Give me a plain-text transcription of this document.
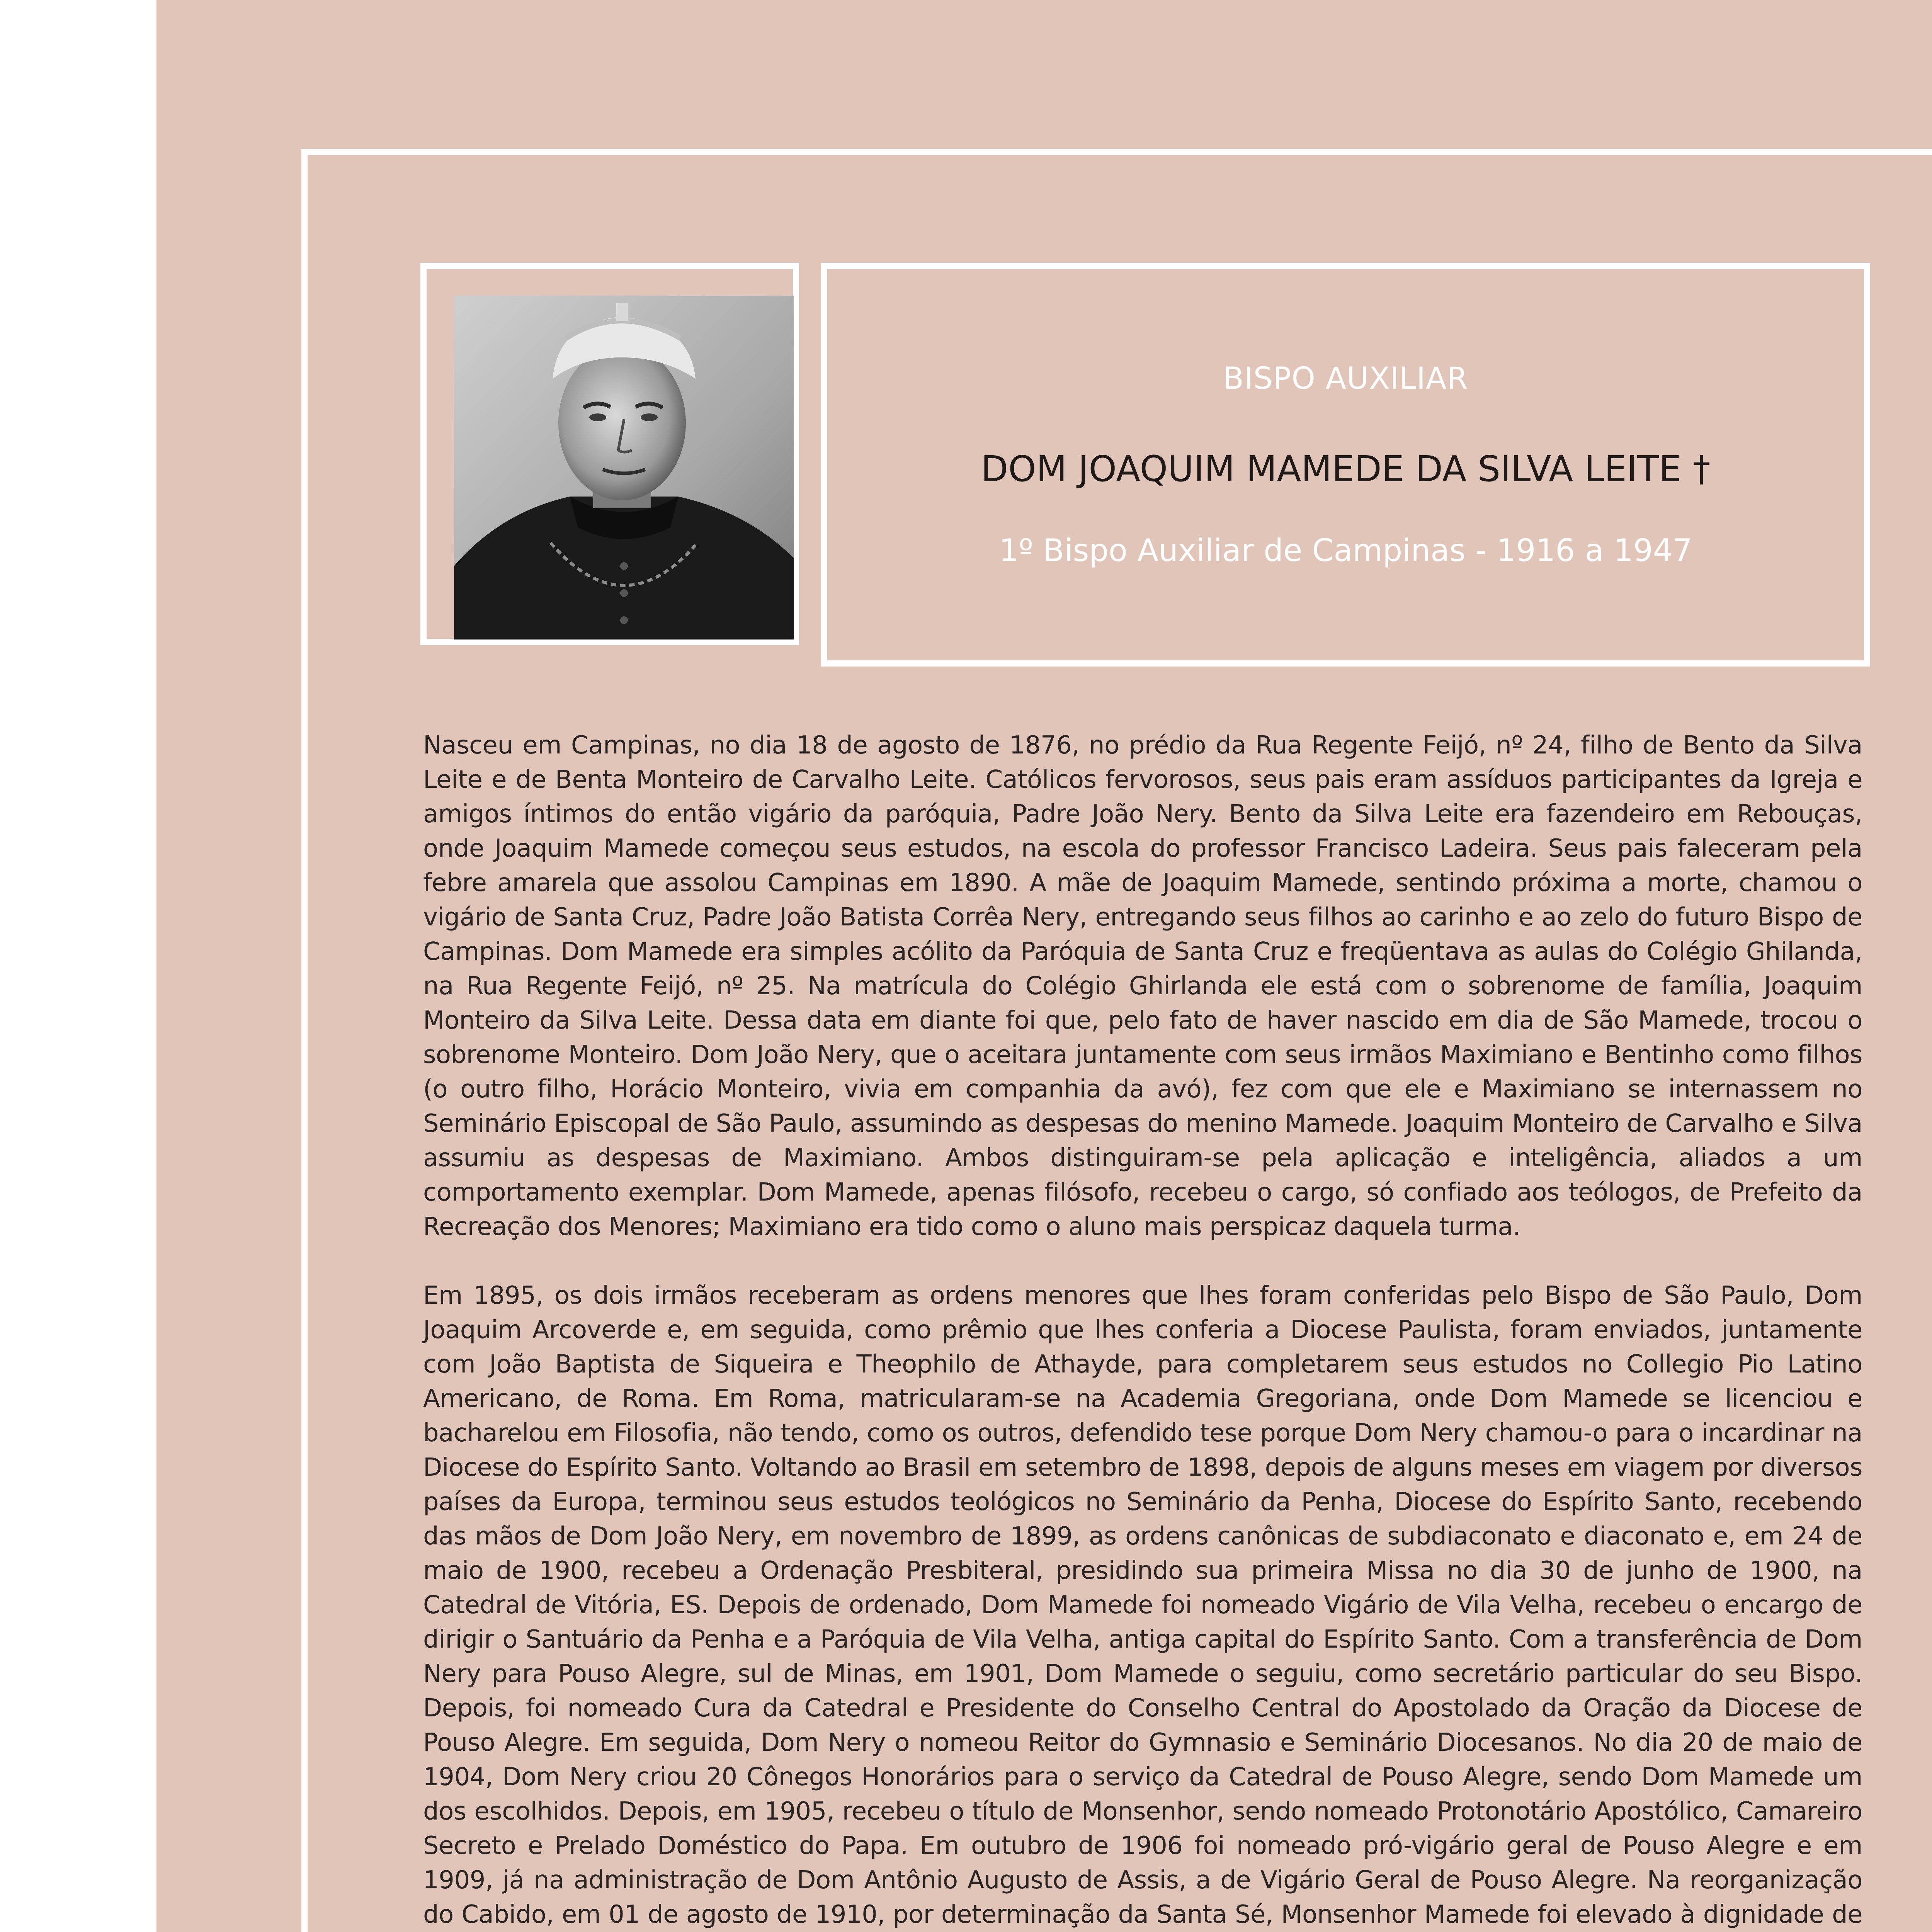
BISPO AUXILIAR
DOM JOAQUIM MAMEDE DA SILVA LEITE †
1º Bispo Auxiliar de Campinas - 1916 a 1947

Nasceu em Campinas, no dia 18 de agosto de 1876, no prédio da Rua Regente Feijó, nº 24, filho de Bento da Silva Leite e de Benta Monteiro de Carvalho Leite. Católicos fervorosos, seus pais eram assíduos participantes da Igreja e amigos íntimos do então vigário da paróquia, Padre João Nery. Bento da Silva Leite era fazendeiro em Rebouças, onde Joaquim Mamede começou seus estudos, na escola do professor Francisco Ladeira. Seus pais faleceram pela febre amarela que assolou Campinas em 1890. A mãe de Joaquim Mamede, sentindo próxima a morte, chamou o vigário de Santa Cruz, Padre João Batista Corrêa Nery, entregando seus filhos ao carinho e ao zelo do futuro Bispo de Campinas. Dom Mamede era simples acólito da Paróquia de Santa Cruz e freqüentava as aulas do Colégio Ghilanda, na Rua Regente Feijó, nº 25. Na matrícula do Colégio Ghirlanda ele está com o sobrenome de família, Joaquim Monteiro da Silva Leite. Dessa data em diante foi que, pelo fato de haver nascido em dia de São Mamede, trocou o sobrenome Monteiro. Dom João Nery, que o aceitara juntamente com seus irmãos Maximiano e Bentinho como filhos (o outro filho, Horácio Monteiro, vivia em companhia da avó), fez com que ele e Maximiano se internassem no Seminário Episcopal de São Paulo, assumindo as despesas do menino Mamede. Joaquim Monteiro de Carvalho e Silva assumiu as despesas de Maximiano. Ambos distinguiram-se pela aplicação e inteligência, aliados a um comportamento exemplar. Dom Mamede, apenas filósofo, recebeu o cargo, só confiado aos teólogos, de Prefeito da Recreação dos Menores; Maximiano era tido como o aluno mais perspicaz daquela turma.

Em 1895, os dois irmãos receberam as ordens menores que lhes foram conferidas pelo Bispo de São Paulo, Dom Joaquim Arcoverde e, em seguida, como prêmio que lhes conferia a Diocese Paulista, foram enviados, juntamente com João Baptista de Siqueira e Theophilo de Athayde, para completarem seus estudos no Collegio Pio Latino Americano, de Roma. Em Roma, matricularam-se na Academia Gregoriana, onde Dom Mamede se licenciou e bacharelou em Filosofia, não tendo, como os outros, defendido tese porque Dom Nery chamou-o para o incardinar na Diocese do Espírito Santo. Voltando ao Brasil em setembro de 1898, depois de alguns meses em viagem por diversos países da Europa, terminou seus estudos teológicos no Seminário da Penha, Diocese do Espírito Santo, recebendo das mãos de Dom João Nery, em novembro de 1899, as ordens canônicas de subdiaconato e diaconato e, em 24 de maio de 1900, recebeu a Ordenação Presbiteral, presidindo sua primeira Missa no dia 30 de junho de 1900, na Catedral de Vitória, ES. Depois de ordenado, Dom Mamede foi nomeado Vigário de Vila Velha, recebeu o encargo de dirigir o Santuário da Penha e a Paróquia de Vila Velha, antiga capital do Espírito Santo. Com a transferência de Dom Nery para Pouso Alegre, sul de Minas, em 1901, Dom Mamede o seguiu, como secretário particular do seu Bispo. Depois, foi nomeado Cura da Catedral e Presidente do Conselho Central do Apostolado da Oração da Diocese de Pouso Alegre. Em seguida, Dom Nery o nomeou Reitor do Gymnasio e Seminário Diocesanos. No dia 20 de maio de 1904, Dom Nery criou 20 Cônegos Honorários para o serviço da Catedral de Pouso Alegre, sendo Dom Mamede um dos escolhidos. Depois, em 1905, recebeu o título de Monsenhor, sendo nomeado Protonotário Apostólico, Camareiro Secreto e Prelado Doméstico do Papa. Em outubro de 1906 foi nomeado pró-vigário geral de Pouso Alegre e em 1909, já na administração de Dom Antônio Augusto de Assis, a de Vigário Geral de Pouso Alegre. Na reorganização do Cabido, em 01 de agosto de 1910, por determinação da Santa Sé, Monsenhor Mamede foi elevado à dignidade de
